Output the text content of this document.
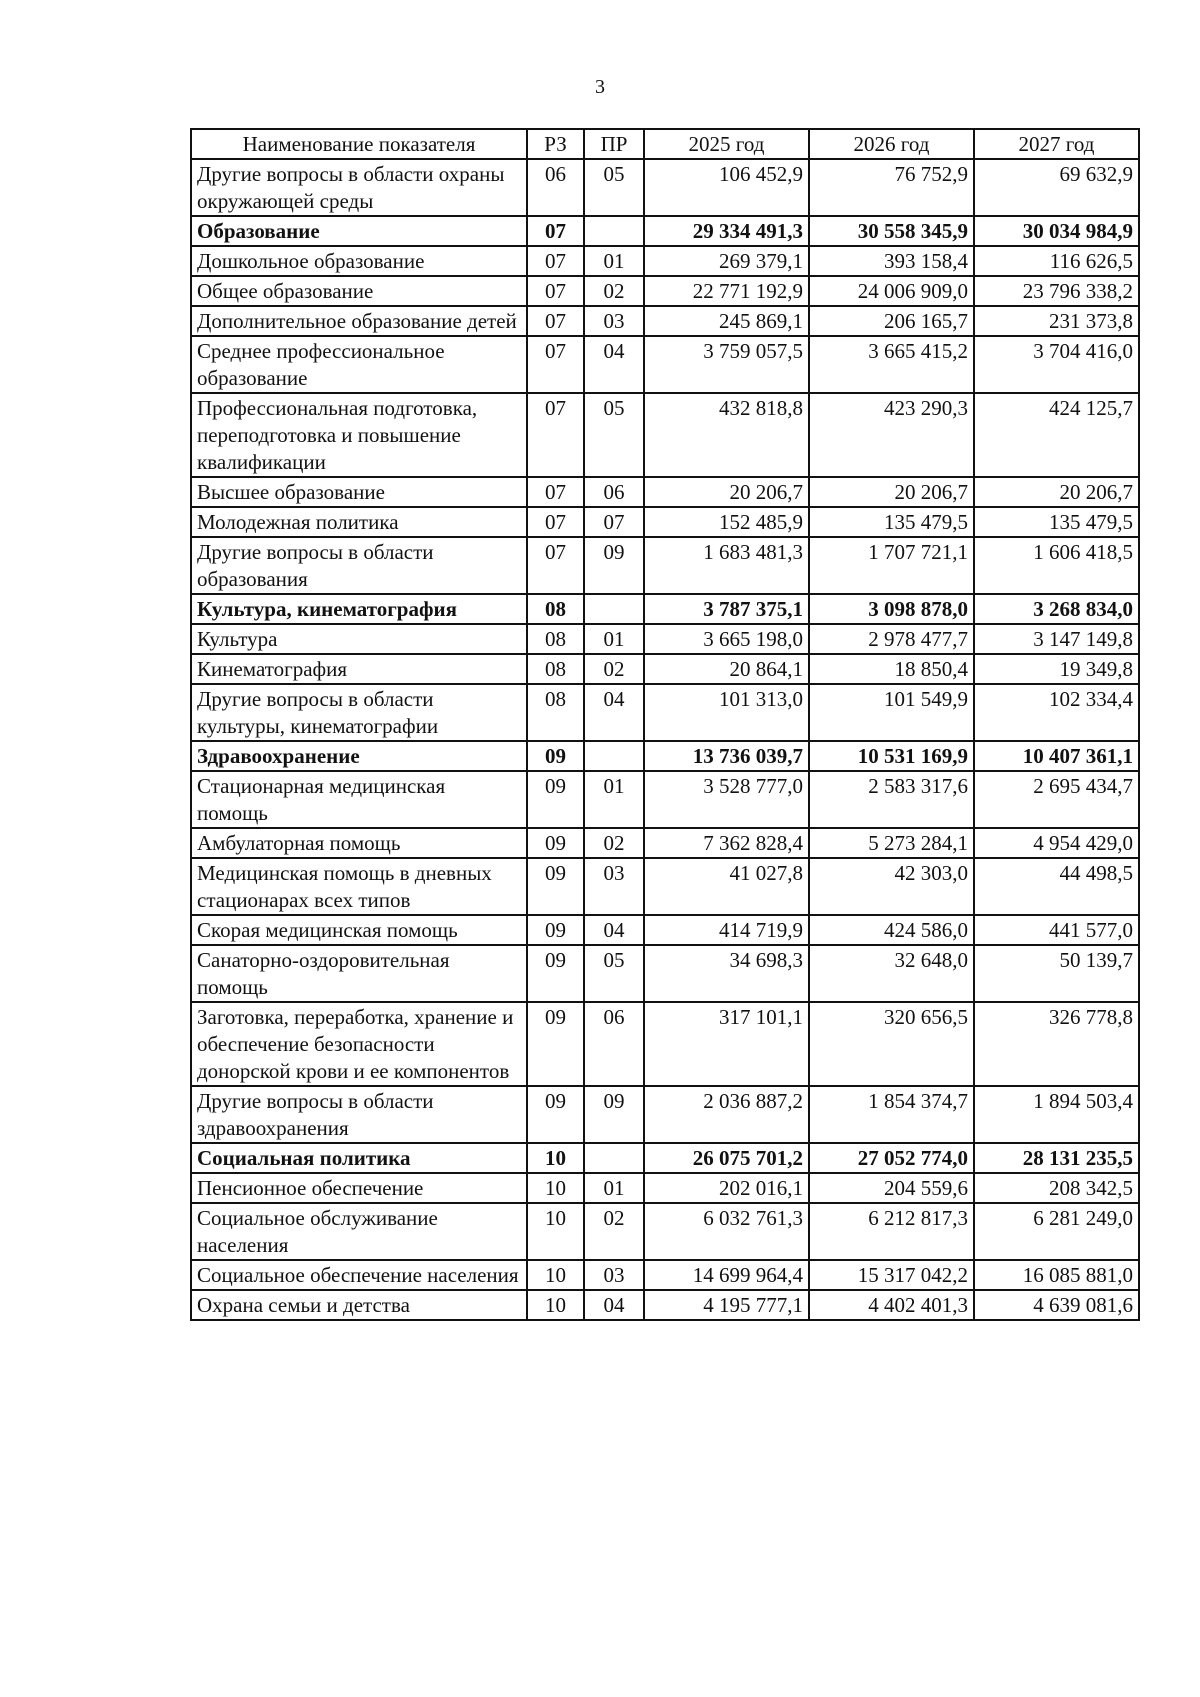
3
Наименование показателя	РЗ	ПР	2025 год	2026 год	2027 год
Другие вопросы в области охраны окружающей среды	06	05	106 452,9	76 752,9	69 632,9
Образование	07		29 334 491,3	30 558 345,9	30 034 984,9
Дошкольное образование	07	01	269 379,1	393 158,4	116 626,5
Общее образование	07	02	22 771 192,9	24 006 909,0	23 796 338,2
Дополнительное образование детей	07	03	245 869,1	206 165,7	231 373,8
Среднее профессиональное образование	07	04	3 759 057,5	3 665 415,2	3 704 416,0
Профессиональная подготовка, переподготовка и повышение квалификации	07	05	432 818,8	423 290,3	424 125,7
Высшее образование	07	06	20 206,7	20 206,7	20 206,7
Молодежная политика	07	07	152 485,9	135 479,5	135 479,5
Другие вопросы в области образования	07	09	1 683 481,3	1 707 721,1	1 606 418,5
Культура, кинематография	08		3 787 375,1	3 098 878,0	3 268 834,0
Культура	08	01	3 665 198,0	2 978 477,7	3 147 149,8
Кинематография	08	02	20 864,1	18 850,4	19 349,8
Другие вопросы в области культуры, кинематографии	08	04	101 313,0	101 549,9	102 334,4
Здравоохранение	09		13 736 039,7	10 531 169,9	10 407 361,1
Стационарная медицинская помощь	09	01	3 528 777,0	2 583 317,6	2 695 434,7
Амбулаторная помощь	09	02	7 362 828,4	5 273 284,1	4 954 429,0
Медицинская помощь в дневных стационарах всех типов	09	03	41 027,8	42 303,0	44 498,5
Скорая медицинская помощь	09	04	414 719,9	424 586,0	441 577,0
Санаторно-оздоровительная помощь	09	05	34 698,3	32 648,0	50 139,7
Заготовка, переработка, хранение и обеспечение безопасности донорской крови и ее компонентов	09	06	317 101,1	320 656,5	326 778,8
Другие вопросы в области здравоохранения	09	09	2 036 887,2	1 854 374,7	1 894 503,4
Социальная политика	10		26 075 701,2	27 052 774,0	28 131 235,5
Пенсионное обеспечение	10	01	202 016,1	204 559,6	208 342,5
Социальное обслуживание населения	10	02	6 032 761,3	6 212 817,3	6 281 249,0
Социальное обеспечение населения	10	03	14 699 964,4	15 317 042,2	16 085 881,0
Охрана семьи и детства	10	04	4 195 777,1	4 402 401,3	4 639 081,6
